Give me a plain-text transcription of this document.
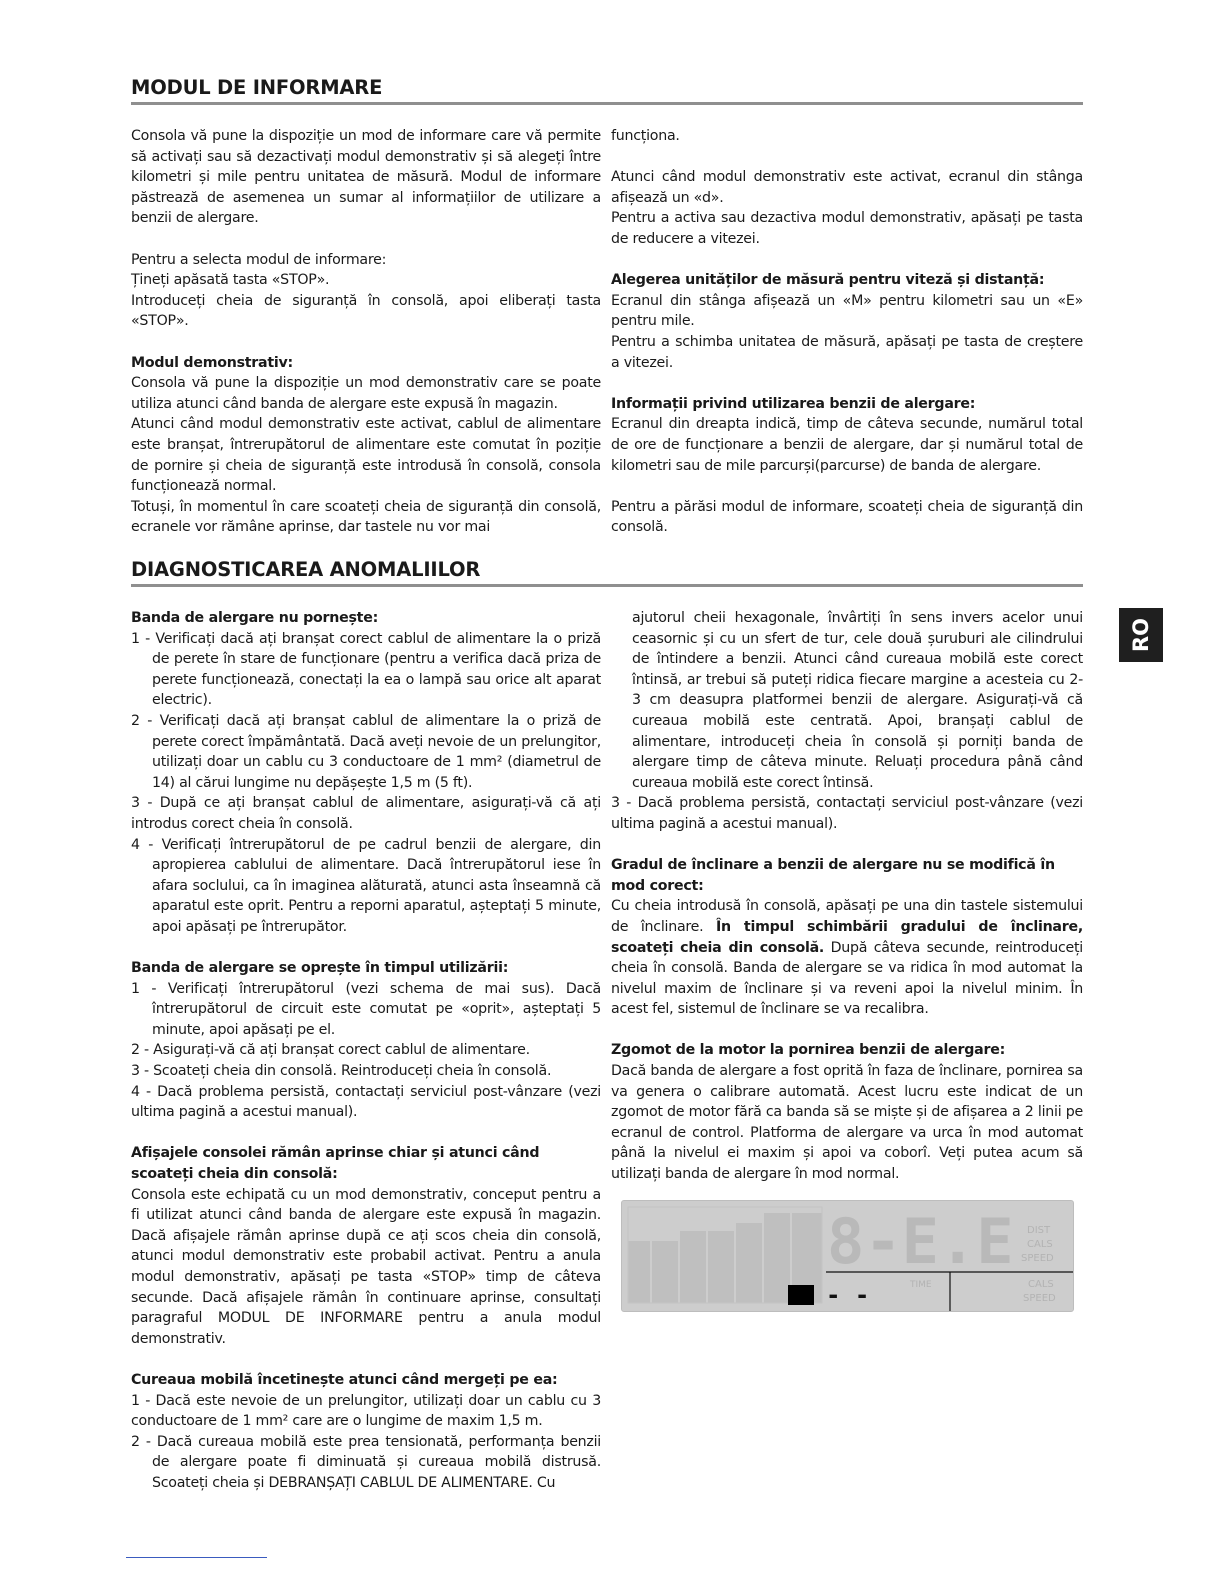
MODUL DE INFORMARE

Consola vă pune la dispoziție un mod de informare care vă permite să activați sau să dezactivați modul demonstrativ și să alegeți între kilometri și mile pentru unitatea de măsură. Modul de informare păstrează de asemenea un sumar al informațiilor de utilizare a benzii de alergare.

Pentru a selecta modul de informare:

Țineți apăsată tasta «STOP».

Introduceți cheia de siguranță în consolă, apoi eliberați tasta «STOP».

Modul demonstrativ:

Consola vă pune la dispoziție un mod demonstrativ care se poate utiliza atunci când banda de alergare este expusă în magazin.

Atunci când modul demonstrativ este activat, cablul de alimentare este branșat, întrerupătorul de alimentare este comutat în poziție de pornire și cheia de siguranță este introdusă în consolă, consola funcționează normal.

Totuși, în momentul în care scoateți cheia de siguranță din consolă, ecranele vor rămâne aprinse, dar tastele nu vor mai

funcționa.

Atunci când modul demonstrativ este activat, ecranul din stânga afișează un «d».

Pentru a activa sau dezactiva modul demonstrativ, apăsați pe tasta de reducere a vitezei.

Alegerea unităților de măsură pentru viteză și distanță:

Ecranul din stânga afișează un «M» pentru kilometri sau un «E» pentru mile.

Pentru a schimba unitatea de măsură, apăsați pe tasta de creștere a vitezei.

Informații privind utilizarea benzii de alergare:

Ecranul din dreapta indică, timp de câteva secunde, numărul total de ore de funcționare a benzii de alergare, dar și numărul total de kilometri sau de mile parcurși(parcurse) de banda de alergare.

Pentru a părăsi modul de informare, scoateți cheia de siguranță din consolă.

DIAGNOSTICAREA ANOMALIILOR

Banda de alergare nu pornește:

1 - Verificați dacă ați branșat corect cablul de alimentare la o priză de perete în stare de funcționare (pentru a verifica dacă priza de perete funcționează, conectați la ea o lampă sau orice alt aparat electric).
2 - Verificați dacă ați branșat cablul de alimentare la o priză de perete corect împământată. Dacă aveți nevoie de un prelungitor, utilizați doar un cablu cu 3 conductoare de 1 mm² (diametrul de 14) al cărui lungime nu depășește 1,5 m (5 ft).
3 - După ce ați branșat cablul de alimentare, asigurați-vă că ați introdus corect cheia în consolă.
4 - Verificați întrerupătorul de pe cadrul benzii de alergare, din apropierea cablului de alimentare. Dacă întrerupătorul iese în afara soclului, ca în imaginea alăturată, atunci asta înseamnă că aparatul este oprit. Pentru a reporni aparatul, așteptați 5 minute, apoi apăsați pe întrerupător.

Banda de alergare se oprește în timpul utilizării:

1 - Verificați întrerupătorul (vezi schema de mai sus). Dacă întrerupătorul de circuit este comutat pe «oprit», așteptați 5 minute, apoi apăsați pe el.
2 - Asigurați-vă că ați branșat corect cablul de alimentare.
3 - Scoateți cheia din consolă. Reintroduceți cheia în consolă.
4 - Dacă problema persistă, contactați serviciul post-vânzare (vezi ultima pagină a acestui manual).

Afișajele consolei rămân aprinse chiar și atunci când scoateți cheia din consolă:

Consola este echipată cu un mod demonstrativ, conceput pentru a fi utilizat atunci când banda de alergare este expusă în magazin. Dacă afișajele rămân aprinse după ce ați scos cheia din consolă, atunci modul demonstrativ este probabil activat. Pentru a anula modul demonstrativ, apăsați pe tasta «STOP» timp de câteva secunde. Dacă afișajele rămân în continuare aprinse, consultați paragraful MODUL DE INFORMARE pentru a anula modul demonstrativ.

Cureaua mobilă încetinește atunci când mergeți pe ea:

1 - Dacă este nevoie de un prelungitor, utilizați doar un cablu cu 3 conductoare de 1 mm² care are o lungime de maxim 1,5 m.
2 - Dacă cureaua mobilă este prea tensionată, performanța benzii de alergare poate fi diminuată și cureaua mobilă distrusă. Scoateți cheia și DEBRANȘAȚI CABLUL DE ALIMENTARE. Cu

ajutorul cheii hexagonale, învârtiți în sens invers acelor unui ceasornic și cu un sfert de tur, cele două șuruburi ale cilindrului de întindere a benzii. Atunci când cureaua mobilă este corect întinsă, ar trebui să puteți ridica fiecare margine a acesteia cu 2-3 cm deasupra platformei benzii de alergare. Asigurați-vă că cureaua mobilă este centrată. Apoi, branșați cablul de alimentare, introduceți cheia în consolă și porniți banda de alergare timp de câteva minute. Reluați procedura până când cureaua mobilă este corect întinsă.

3 - Dacă problema persistă, contactați serviciul post-vânzare (vezi ultima pagină a acestui manual).

Gradul de înclinare a benzii de alergare nu se modifică în mod corect:

Cu cheia introdusă în consolă, apăsați pe una din tastele sistemului de înclinare. În timpul schimbării gradului de înclinare, scoateți cheia din consolă. După câteva secunde, reintroduceți cheia în consolă. Banda de alergare se va ridica în mod automat la nivelul maxim de înclinare și va reveni apoi la nivelul minim. În acest fel, sistemul de înclinare se va recalibra.

Zgomot de la motor la pornirea benzii de alergare:

Dacă banda de alergare a fost oprită în faza de înclinare, pornirea sa va genera o calibrare automată. Acest lucru este indicat de un zgomot de motor fără ca banda să se miște și de afișarea a 2 linii pe ecranul de control. Platforma de alergare va urca în mod automat până la nivelul ei maxim și apoi va coborî. Veți putea acum să utilizați banda de alergare în mod normal.

8-E.E DIST
CALS
SPEED
- -	TIME	CALS
SPEED
RO
